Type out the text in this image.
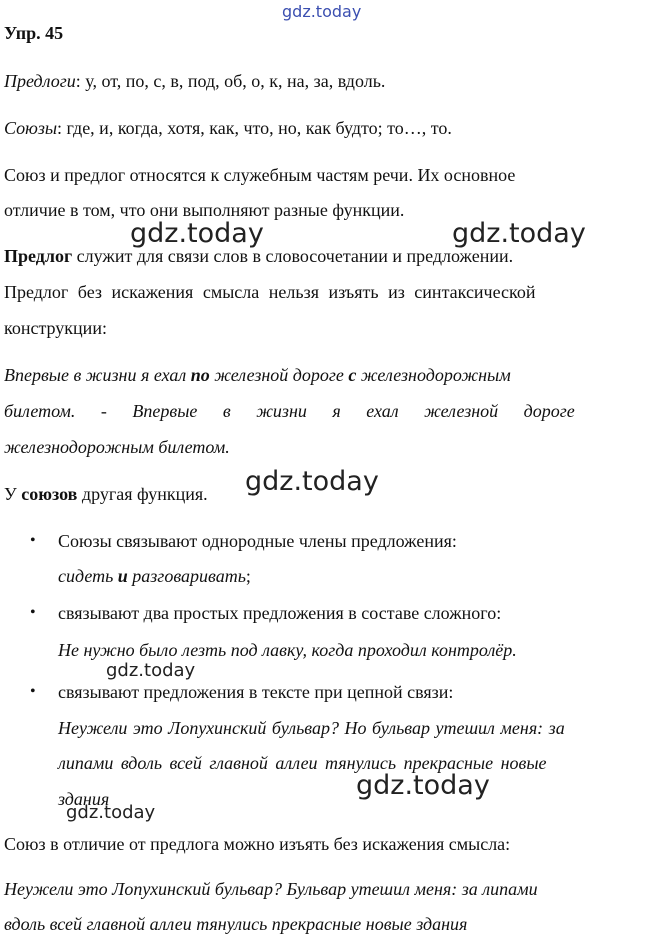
gdz.today
gdz.today	gdz.today
gdz.today
gdz.today
gdz.today
gdz.today
Упр. 45
Предлоги: у, от, по, с, в, под, об, о, к, на, за, вдоль.
Союзы: где, и, когда, хотя, как, что, но, как будто; то…, то.
Союз и предлог относятся к служебным частям речи. Их основное
отличие в том, что они выполняют разные функции.
Предлог служит для связи слов в словосочетании и предложении.
Предлог без искажения смысла нельзя изъять из синтаксической
конструкции:
Впервые в жизни я ехал по железной дороге с железнодорожным
билетом. - Впервые в жизни я ехал железной дороге
железнодорожным билетом.
У союзов другая функция.
• Союзы связывают однородные члены предложения:
сидеть и разговаривать;
• связывают два простых предложения в составе сложного:
Не нужно было лезть под лавку, когда проходил контролёр.
• связывают предложения в тексте при цепной связи:
Неужели это Лопухинский бульвар? Но бульвар утешил меня: за
липами вдоль всей главной аллеи тянулись прекрасные новые
здания
Союз в отличие от предлога можно изъять без искажения смысла:
Неужели это Лопухинский бульвар? Бульвар утешил меня: за липами
вдоль всей главной аллеи тянулись прекрасные новые здания
